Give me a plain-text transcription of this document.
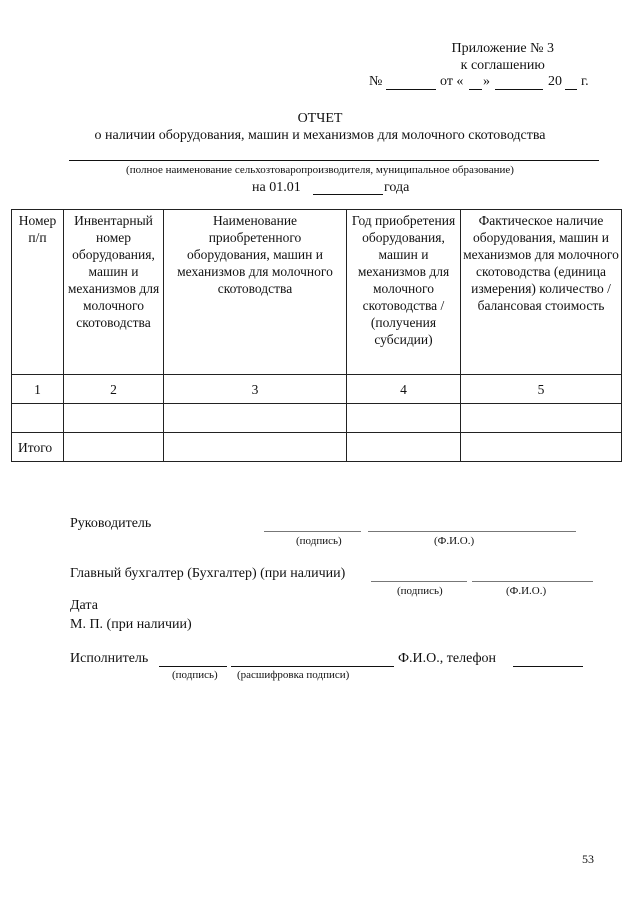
Приложение № 3
к соглашению
№	от « »	20 г.
ОТЧЕТ
о наличии оборудования, машин и механизмов для молочного скотоводства
(полное наименование сельхозтоваропроизводителя, муниципальное образование)
на 01.01	года
Номер п/п	Инвентарный номер оборудования, машин и механизмов для молочного скотоводства	Наименование приобретенного оборудования, машин и механизмов для молочного скотоводства	Год приобретения оборудования, машин и механизмов для молочного скотоводства / (получения субсидии)	Фактическое наличие оборудования, машин и механизмов для молочного скотоводства (единица измерения) количество /балансовая стоимость
1	2	3	4	5

Итого				
Руководитель
(подпись)	(Ф.И.О.)
Главный бухгалтер (Бухгалтер) (при наличии)
(подпись)	(Ф.И.О.)
Дата
М. П. (при наличии)
Исполнитель	Ф.И.О., телефон
(подпись) (расшифровка подписи)
53
